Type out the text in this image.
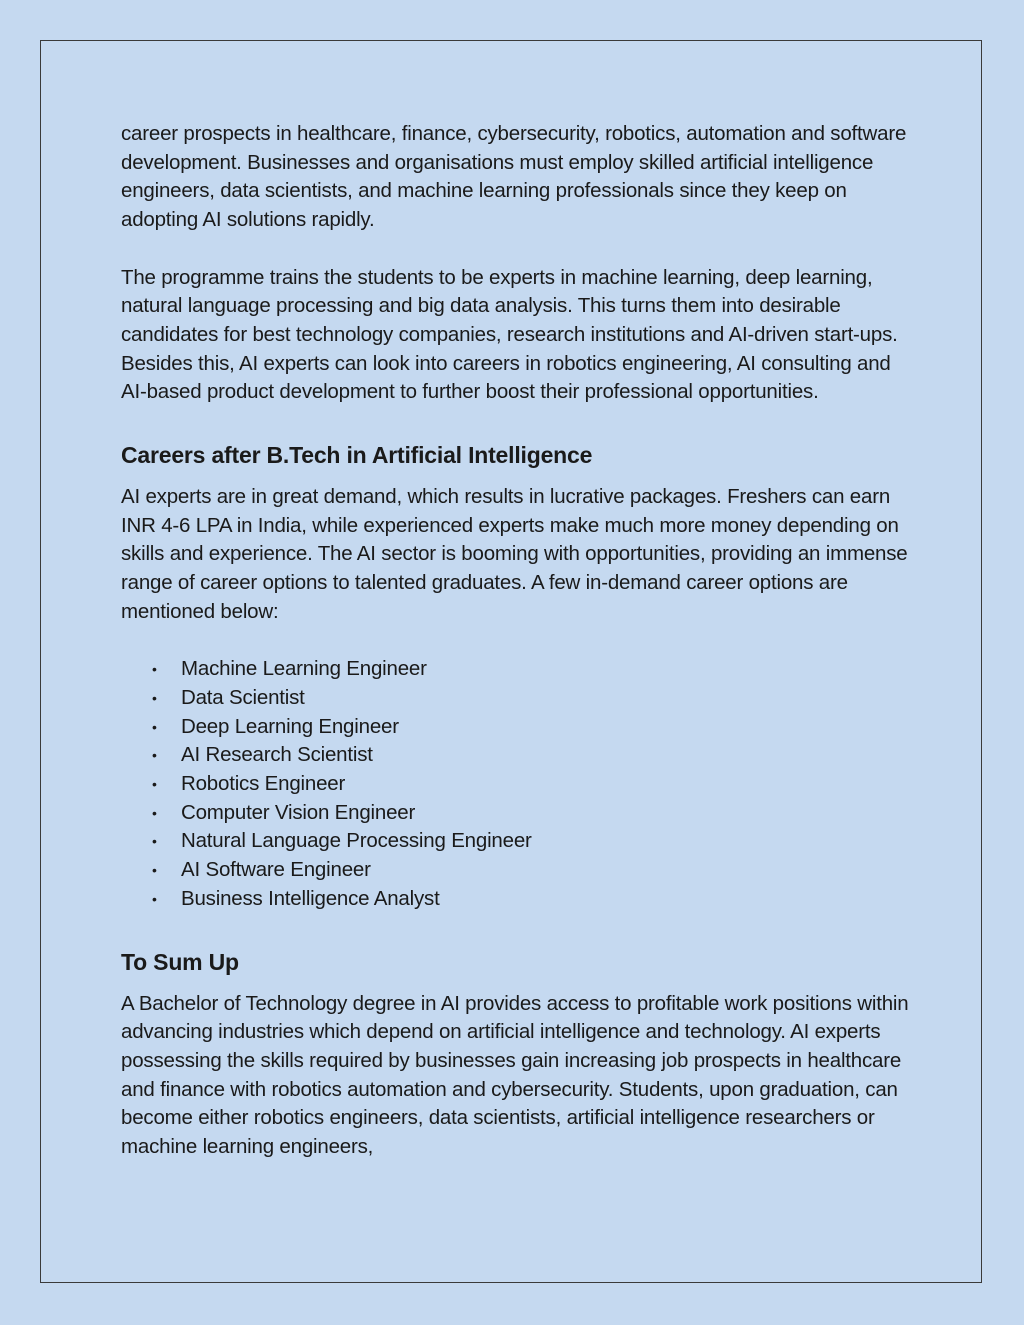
career prospects in healthcare, finance, cybersecurity, robotics, automation and software development. Businesses and organisations must employ skilled artificial intelligence engineers, data scientists, and machine learning professionals since they keep on adopting AI solutions rapidly.

The programme trains the students to be experts in machine learning, deep learning, natural language processing and big data analysis. This turns them into desirable candidates for best technology companies, research institutions and AI-driven start-ups. Besides this, AI experts can look into careers in robotics engineering, AI consulting and AI-based product development to further boost their professional opportunities.

Careers after B.Tech in Artificial Intelligence

AI experts are in great demand, which results in lucrative packages. Freshers can earn INR 4-6 LPA in India, while experienced experts make much more money depending on skills and experience. The AI sector is booming with opportunities, providing an immense range of career options to talented graduates. A few in-demand career options are mentioned below:

• Machine Learning Engineer
• Data Scientist
• Deep Learning Engineer
• AI Research Scientist
• Robotics Engineer
• Computer Vision Engineer
• Natural Language Processing Engineer
• AI Software Engineer
• Business Intelligence Analyst
To Sum Up

A Bachelor of Technology degree in AI provides access to profitable work positions within advancing industries which depend on artificial intelligence and technology. AI experts possessing the skills required by businesses gain increasing job prospects in healthcare and finance with robotics automation and cybersecurity. Students, upon graduation, can become either robotics engineers, data scientists, artificial intelligence researchers or machine learning engineers,
